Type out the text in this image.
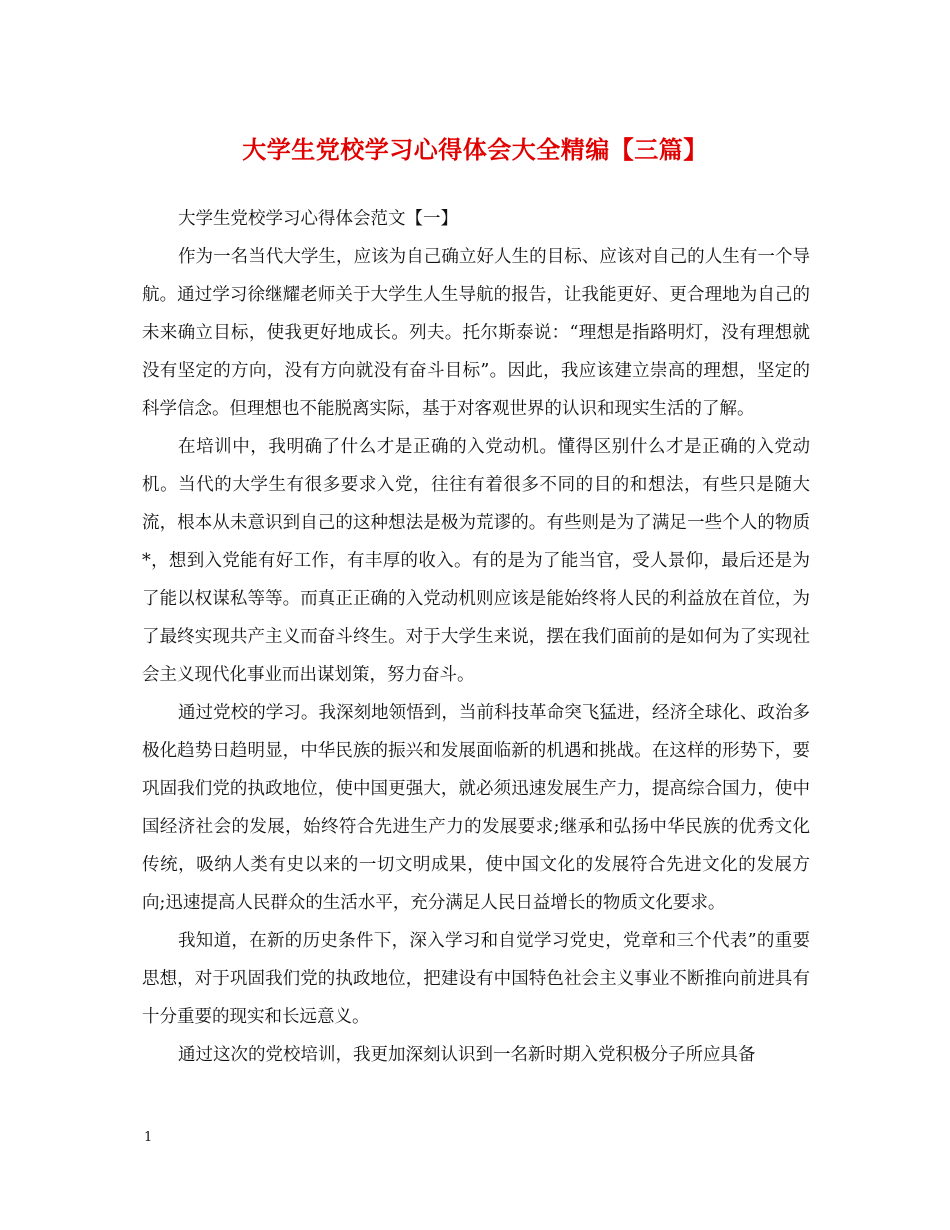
大学生党校学习心得体会大全精编【三篇】

大学生党校学习心得体会范文【一】

作为一名当代大学生，应该为自己确立好人生的目标、应该对自己的人生有一个导航。通过学习徐继耀老师关于大学生人生导航的报告，让我能更好、更合理地为自己的未来确立目标，使我更好地成长。列夫。托尔斯泰说：“理想是指路明灯，没有理想就没有坚定的方向，没有方向就没有奋斗目标”。因此，我应该建立崇高的理想，坚定的科学信念。但理想也不能脱离实际，基于对客观世界的认识和现实生活的了解。

在培训中，我明确了什么才是正确的入党动机。懂得区别什么才是正确的入党动机。当代的大学生有很多要求入党，往往有着很多不同的目的和想法，有些只是随大流，根本从未意识到自己的这种想法是极为荒谬的。有些则是为了满足一些个人的物质*，想到入党能有好工作，有丰厚的收入。有的是为了能当官，受人景仰，最后还是为了能以权谋私等等。而真正正确的入党动机则应该是能始终将人民的利益放在首位，为了最终实现共产主义而奋斗终生。对于大学生来说，摆在我们面前的是如何为了实现社会主义现代化事业而出谋划策，努力奋斗。

通过党校的学习。我深刻地领悟到，当前科技革命突飞猛进，经济全球化、政治多极化趋势日趋明显，中华民族的振兴和发展面临新的机遇和挑战。在这样的形势下，要巩固我们党的执政地位，使中国更强大，就必须迅速发展生产力，提高综合国力，使中国经济社会的发展，始终符合先进生产力的发展要求;继承和弘扬中华民族的优秀文化传统，吸纳人类有史以来的一切文明成果，使中国文化的发展符合先进文化的发展方向;迅速提高人民群众的生活水平，充分满足人民日益增长的物质文化要求。

我知道，在新的历史条件下，深入学习和自觉学习党史，党章和三个代表”的重要思想，对于巩固我们党的执政地位，把建设有中国特色社会主义事业不断推向前进具有十分重要的现实和长远意义。

通过这次的党校培训，我更加深刻认识到一名新时期入党积极分子所应具备

1
